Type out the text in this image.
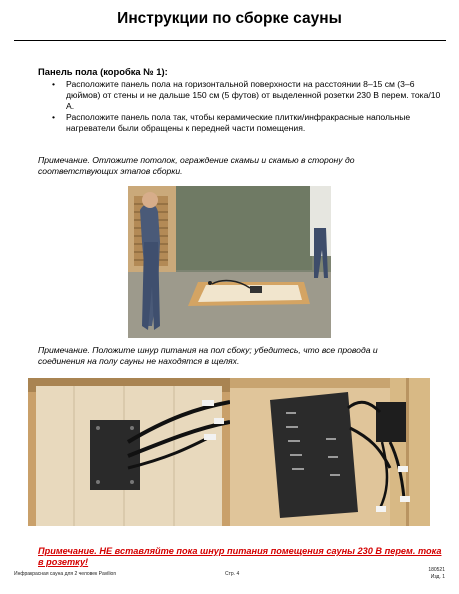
Инструкции по сборке сауны
Панель пола (коробка № 1):
• Расположите панель пола на горизонтальной поверхности на расстоянии 8–15 см (3–6 дюймов) от стены и не дальше 150 см (5 футов) от выделенной розетки 230 В перем. тока/10 А.
• Расположите панель пола так, чтобы керамические плитки/инфракрасные напольные нагреватели были обращены к передней части помещения.
Примечание. Отложите потолок, ограждение скамьи и скамью в сторону до соответствующих этапов сборки.
Примечание. Положите шнур питания на пол сбоку; убедитесь, что все провода и соединения на полу сауны не находятся в щелях.
Примечание. НЕ вставляйте пока шнур питания помещения сауны 230 В перем. тока в розетку!
Инфракрасная сауна для 2 человек Pavilion	Стр. 4
180521
Изд. 1
